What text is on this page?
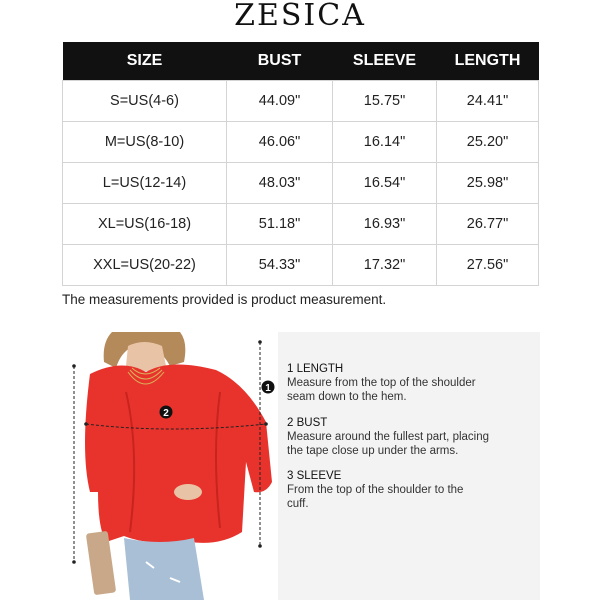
ZESICA
SIZE	BUST	SLEEVE	LENGTH
S=US(4-6)	44.09"	15.75"	24.41"
M=US(8-10)	46.06"	16.14"	25.20"
L=US(12-14)	48.03"	16.54"	25.98"
XL=US(16-18)	51.18"	16.93"	26.77"
XXL=US(20-22)	54.33"	17.32"	27.56"
The measurements provided is product measurement.
2
1
1 LENGTH
Measure from the top of the shoulder
seam down to the hem.
2 BUST
Measure around the fullest part, placing
the tape close up under the arms.
3 SLEEVE
From the top of the shoulder to the
cuff.
